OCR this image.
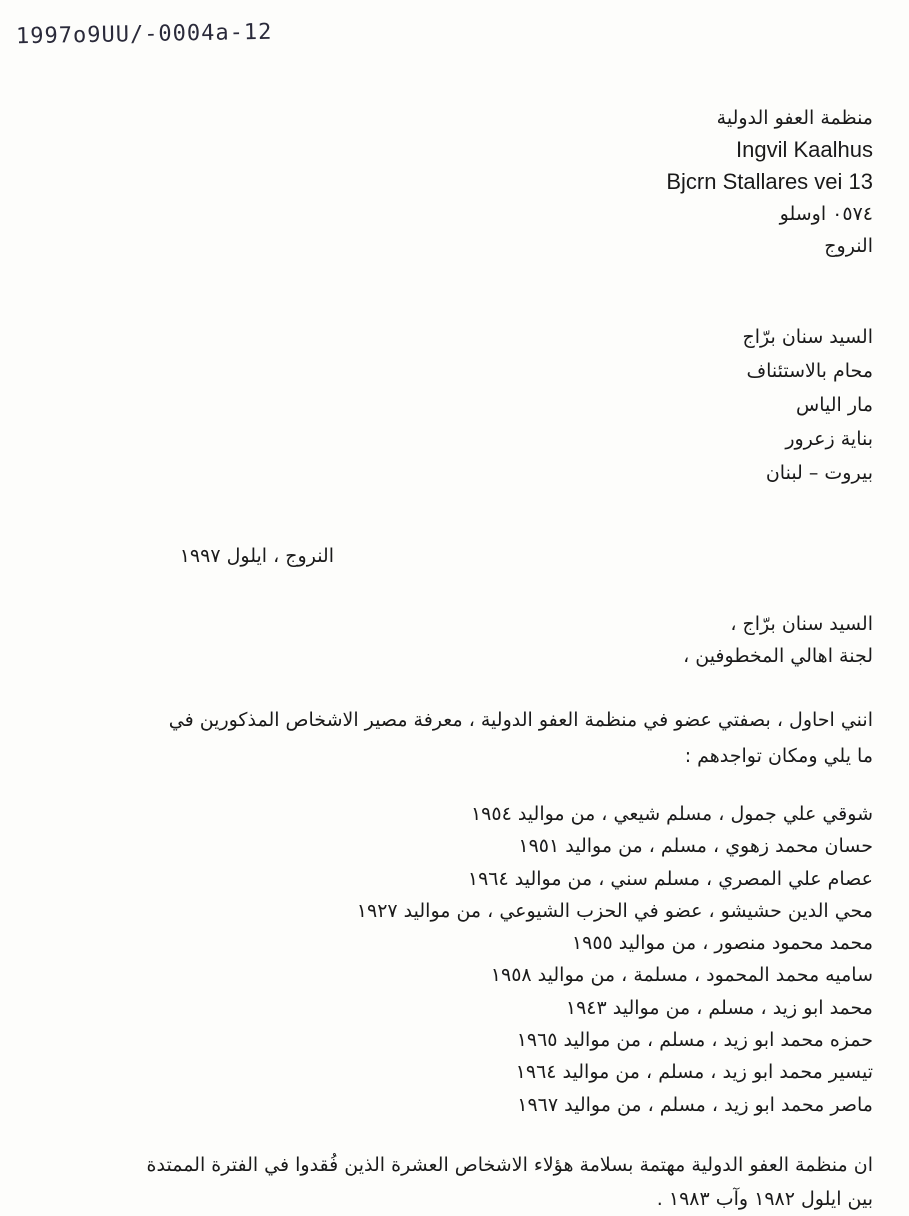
1997o9UU/-0004a-12
منظمة العفو الدولية
Ingvil Kaalhus
Bjcrn Stallares vei 13
٠٥٧٤ اوسلو
النروج
السيد سنان برّاج
محام بالاستئناف
مار الياس
بناية زعرور
بيروت – لبنان
النروج ، ايلول ١٩٩٧
السيد سنان برّاج ،
لجنة اهالي المخطوفين ،
انني احاول ، بصفتي عضو في منظمة العفو الدولية ، معرفة مصير الاشخاص المذكورين في
ما يلي ومكان تواجدهم :
شوقي علي جمول ، مسلم شيعي ، من مواليد ١٩٥٤
حسان محمد زهوي ، مسلم ، من مواليد ١٩٥١
عصام علي المصري ، مسلم سني ، من مواليد ١٩٦٤
محي الدين حشيشو ، عضو في الحزب الشيوعي ، من مواليد ١٩٢٧
محمد محمود منصور ، من مواليد ١٩٥٥
ساميه محمد المحمود ، مسلمة ، من مواليد ١٩٥٨
محمد ابو زيد ، مسلم ، من مواليد ١٩٤٣
حمزه محمد ابو زيد ، مسلم ، من مواليد ١٩٦٥
تيسير محمد ابو زيد ، مسلم ، من مواليد ١٩٦٤
ماصر محمد ابو زيد ، مسلم ، من مواليد ١٩٦٧
ان منظمة العفو الدولية مهتمة بسلامة هؤلاء الاشخاص العشرة الذين فُقدوا في الفترة الممتدة
بين ايلول ١٩٨٢ وآب ١٩٨٣ .
